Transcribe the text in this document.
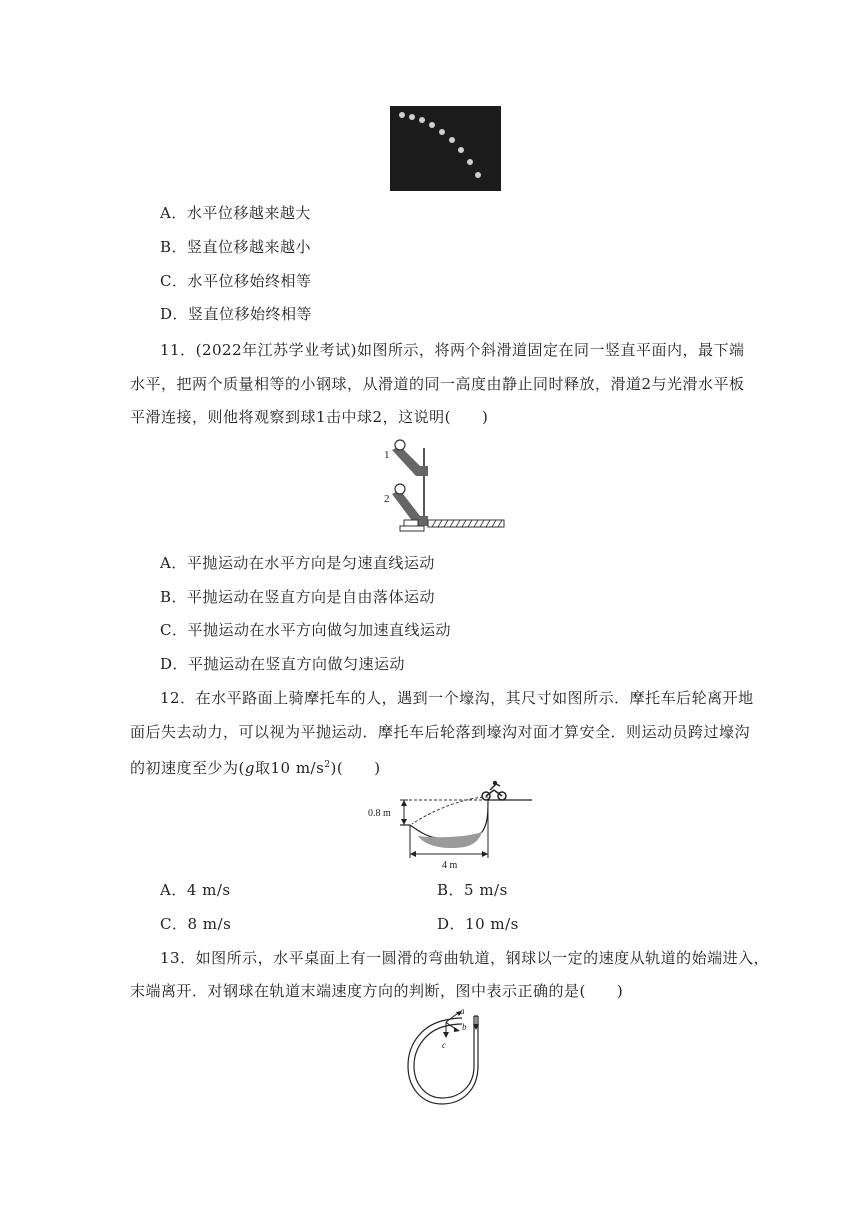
A．水平位移越来越大
B．竖直位移越来越小
C．水平位移始终相等
D．竖直位移始终相等
11．(2022年江苏学业考试)如图所示，将两个斜滑道固定在同一竖直平面内，最下端
水平，把两个质量相等的小钢球，从滑道的同一高度由静止同时释放，滑道2与光滑水平板
平滑连接，则他将观察到球1击中球2，这说明(　　)
1
2
A．平抛运动在水平方向是匀速直线运动
B．平抛运动在竖直方向是自由落体运动
C．平抛运动在水平方向做匀加速直线运动
D．平抛运动在竖直方向做匀速运动
12．在水平路面上骑摩托车的人，遇到一个壕沟，其尺寸如图所示．摩托车后轮离开地
面后失去动力，可以视为平抛运动．摩托车后轮落到壕沟对面才算安全．则运动员跨过壕沟
的初速度至少为(g取10 $m/s^2$)(　　)
0.8 m
4 m
A．4 m/s	B．5 m/s
C．8 m/s	D．10 m/s
13．如图所示，水平桌面上有一圆滑的弯曲轨道，钢球以一定的速度从轨道的始端进入，
末端离开．对钢球在轨道末端速度方向的判断，图中表示正确的是(　　)
a
b
c
